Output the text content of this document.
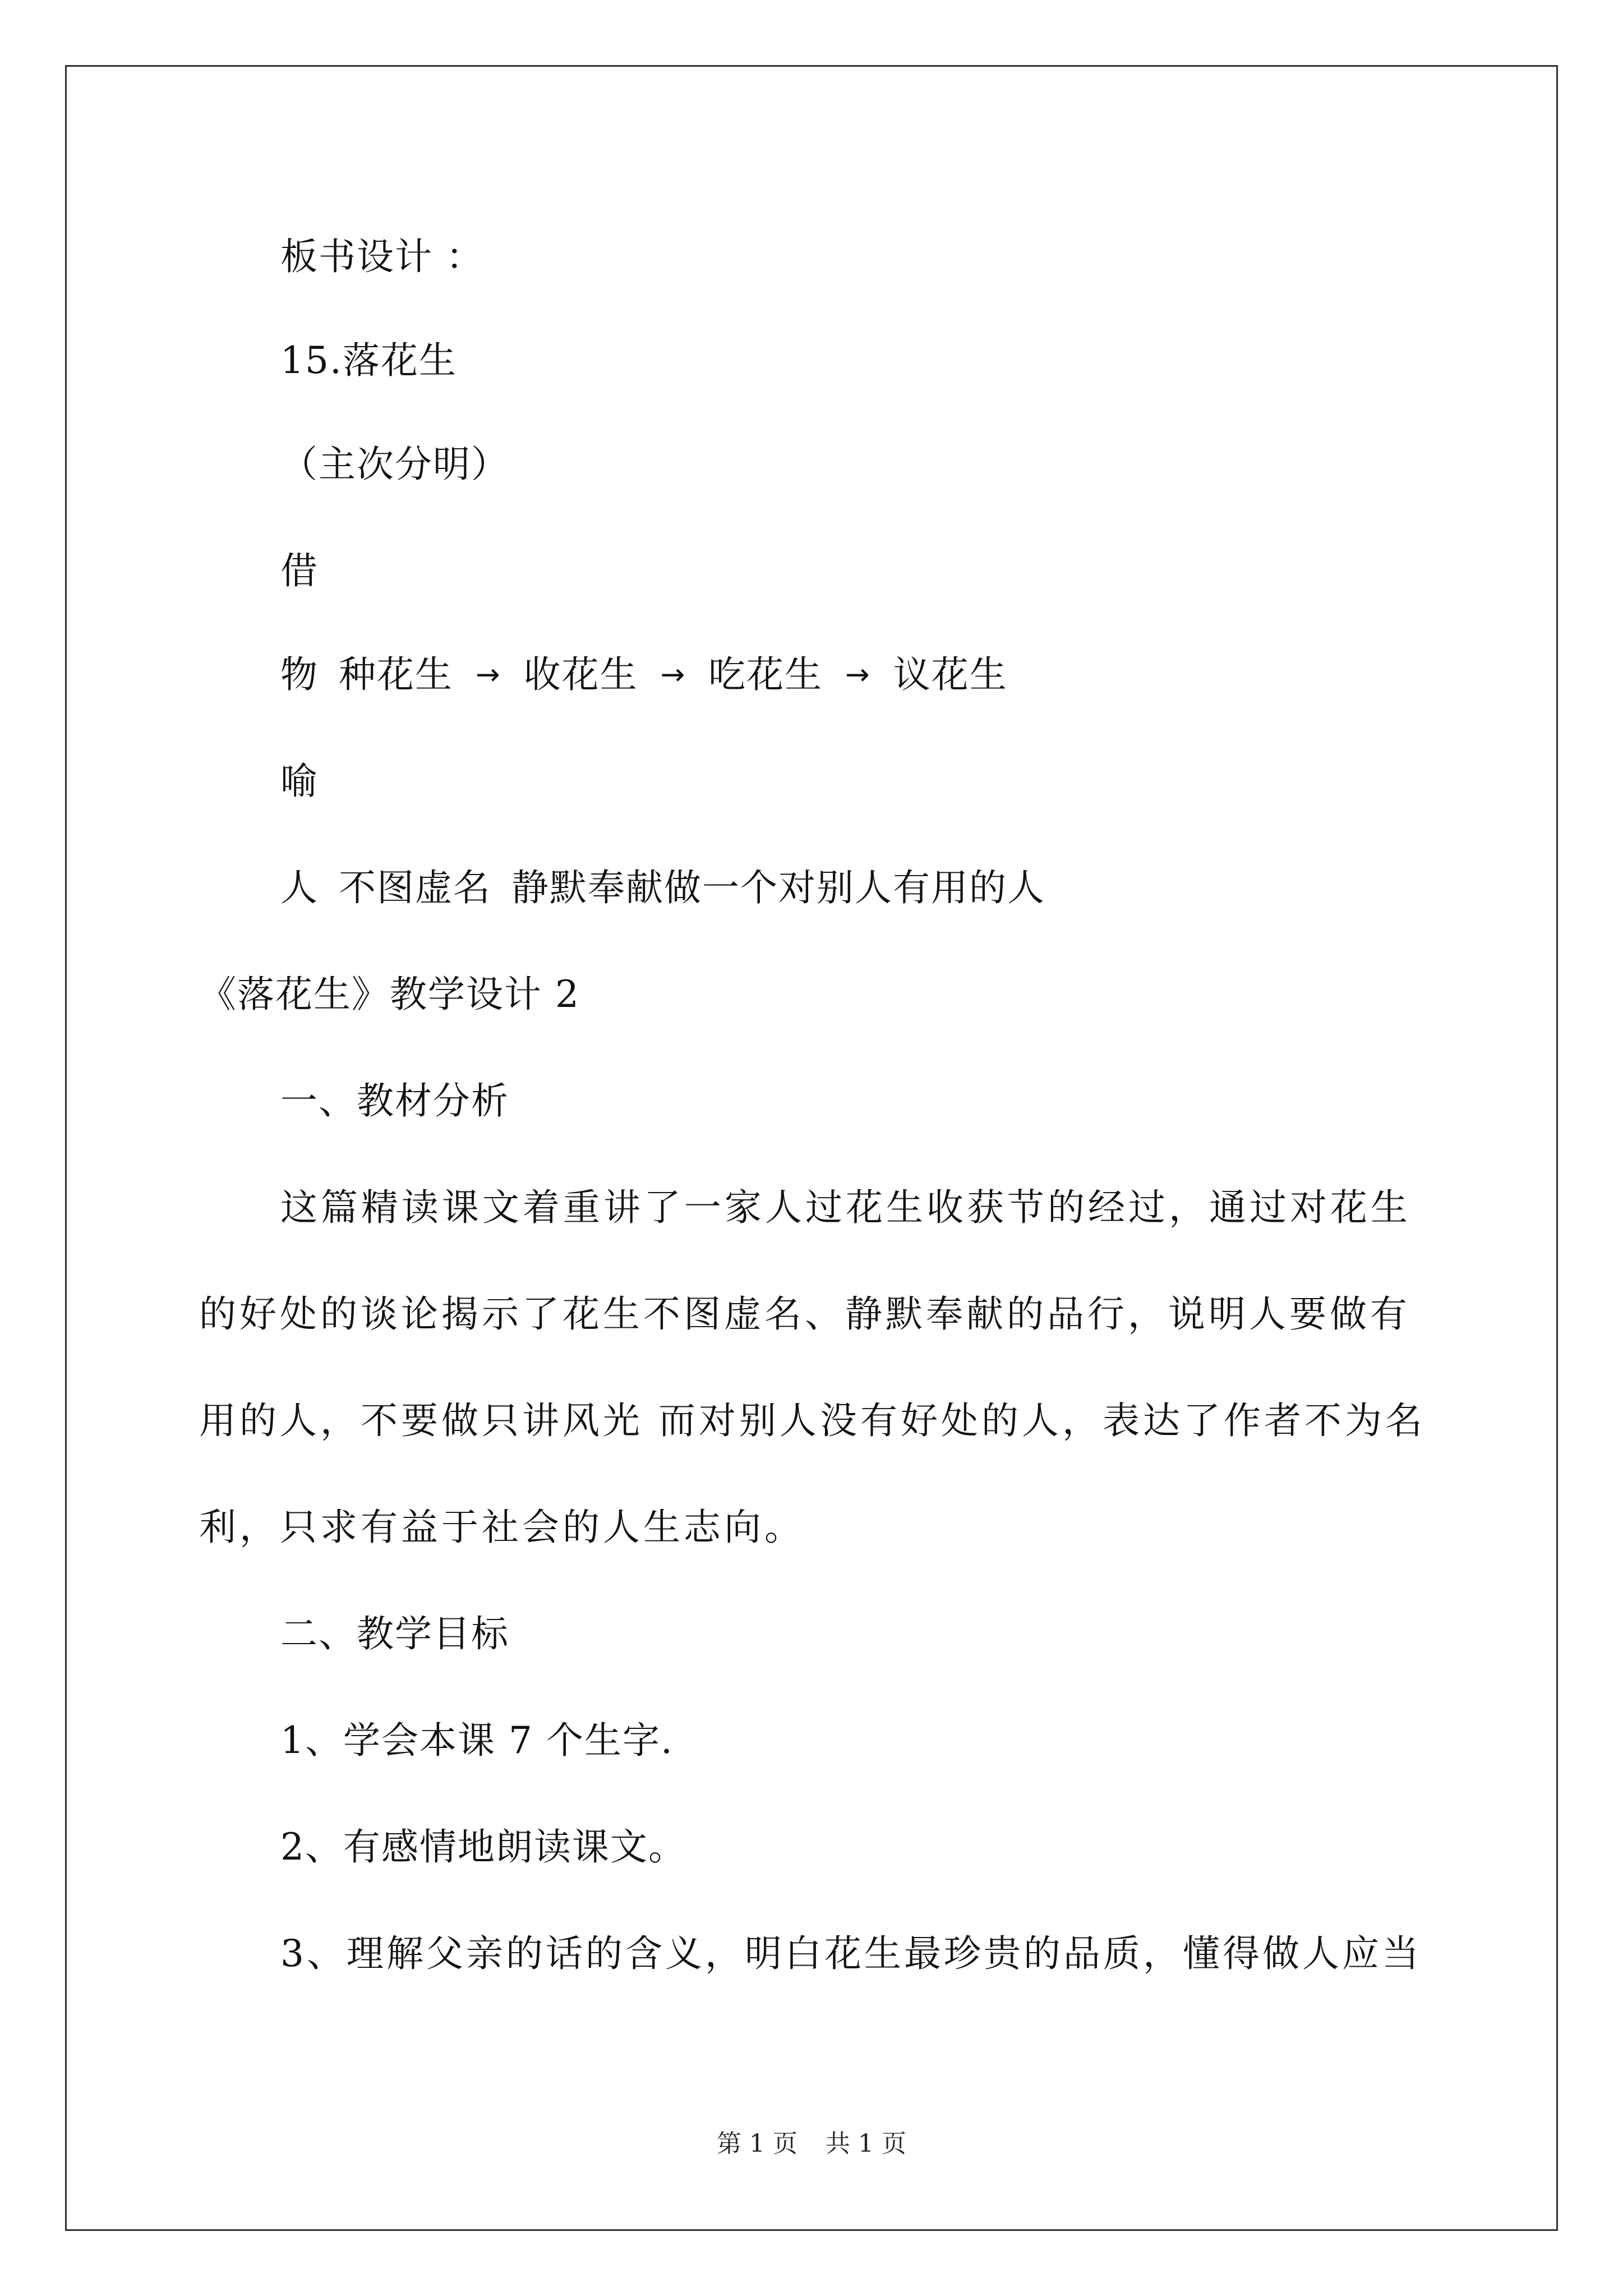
板书设计 ：
15.落花生
（主次分明）
借
物 种花生 → 收花生 → 吃花生 → 议花生
喻
人 不图虚名 静默奉献做一个对别人有用的人
《落花生》教学设计 2
一、教材分析
这篇精读课文着重讲了一家人过花生收获节的经过，通过对花生
的好处的谈论揭示了花生不图虚名、静默奉献的品行，说明人要做有
用的人，不要做只讲风光 而对别人没有好处的人，表达了作者不为名
利，只求有益于社会的人生志向。
二、教学目标
1、学会本课 7 个生字.
2、有感情地朗读课文。
3、理解父亲的话的含义，明白花生最珍贵的品质，懂得做人应当
第 1 页 共 1 页
